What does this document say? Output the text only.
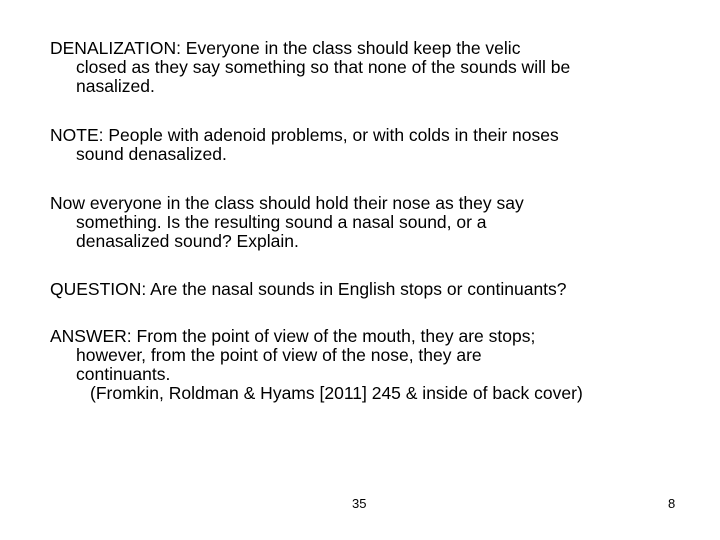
DENALIZATION: Everyone in the class should keep the velic
closed as they say something so that none of the sounds will be
nasalized.
NOTE: People with adenoid problems, or with colds in their noses
sound denasalized.
Now everyone in the class should hold their nose as they say
something. Is the resulting sound a nasal sound, or a
denasalized sound? Explain.
QUESTION: Are the nasal sounds in English stops or continuants?
ANSWER: From the point of view of the mouth, they are stops;
however, from the point of view of the nose, they are
continuants.
(Fromkin, Roldman & Hyams [2011] 245 & inside of back cover)
35	8
